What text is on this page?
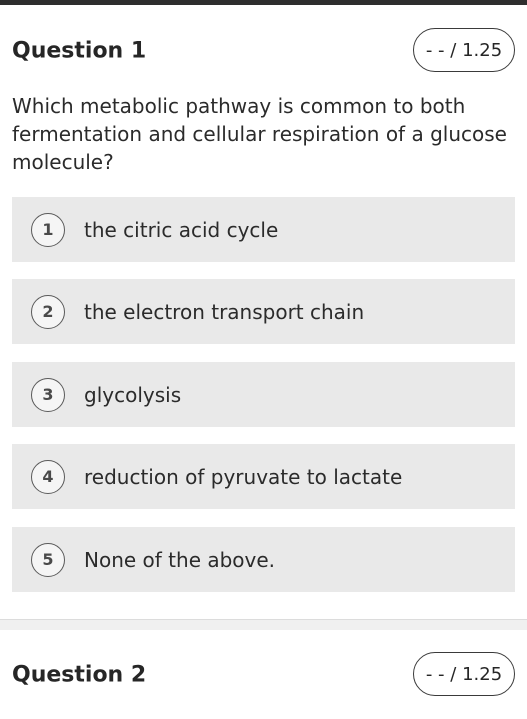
Question 1	- - / 1.25

Which metabolic pathway is common to both fermentation and cellular respiration of a glucose molecule?

1	the citric acid cycle
2	the electron transport chain
3	glycolysis
4	reduction of pyruvate to lactate
5	None of the above.
Question 2	- - / 1.25
